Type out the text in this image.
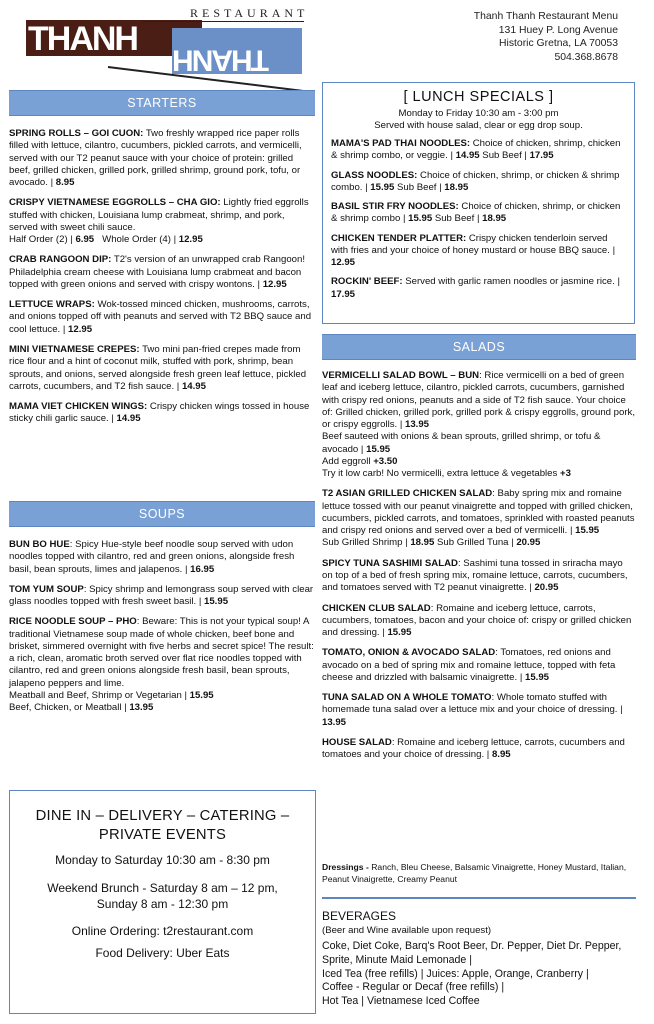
RESTAURANT
THANH
THANH
Thanh Thanh Restaurant Menu
131 Huey P. Long Avenue
Historic Gretna, LA 70053
504.368.8678
STARTERS
SPRING ROLLS – GOI CUON: Two freshly wrapped rice paper rolls filled with lettuce, cilantro, cucumbers, pickled carrots, and vermicelli, served with our T2 peanut sauce with your choice of protein: grilled beef, grilled chicken, grilled pork, grilled shrimp, ground pork, tofu, or avocado. | 8.95
CRISPY VIETNAMESE EGGROLLS – CHA GIO: Lightly fried eggrolls stuffed with chicken, Louisiana lump crabmeat, shrimp, and pork, served with sweet chili sauce.
Half Order (2) | 6.95 Whole Order (4) | 12.95
CRAB RANGOON DIP: T2's version of an unwrapped crab Rangoon! Philadelphia cream cheese with Louisiana lump crabmeat and bacon topped with green onions and served with crispy wontons. | 12.95
LETTUCE WRAPS: Wok-tossed minced chicken, mushrooms, carrots, and onions topped off with peanuts and served with T2 BBQ sauce and cool lettuce. | 12.95
MINI VIETNAMESE CREPES: Two mini pan-fried crepes made from rice flour and a hint of coconut milk, stuffed with pork, shrimp, bean sprouts, and onions, served alongside fresh green leaf lettuce, pickled carrots, cucumbers, and T2 fish sauce. | 14.95
MAMA VIET CHICKEN WINGS: Crispy chicken wings tossed in house sticky chili garlic sauce. | 14.95
SOUPS
BUN BO HUE: Spicy Hue-style beef noodle soup served with udon noodles topped with cilantro, red and green onions, alongside fresh basil, bean sprouts, limes and jalapenos. | 16.95
TOM YUM SOUP: Spicy shrimp and lemongrass soup served with clear glass noodles topped with fresh sweet basil. | 15.95
RICE NOODLE SOUP – PHO: Beware: This is not your typical soup! A traditional Vietnamese soup made of whole chicken, beef bone and brisket, simmered overnight with five herbs and secret spice! The result: a rich, clean, aromatic broth served over flat rice noodles topped with cilantro, red and green onions alongside fresh basil, bean sprouts, jalapeno peppers and lime.
Meatball and Beef, Shrimp or Vegetarian | 15.95
Beef, Chicken, or Meatball | 13.95
DINE IN – DELIVERY – CATERING –
PRIVATE EVENTS
Monday to Saturday 10:30 am - 8:30 pm
Weekend Brunch - Saturday 8 am – 12 pm,
Sunday 8 am - 12:30 pm
Online Ordering: t2restaurant.com
Food Delivery: Uber Eats
[ LUNCH SPECIALS ]
Monday to Friday 10:30 am - 3:00 pm
Served with house salad, clear or egg drop soup.
MAMA'S PAD THAI NOODLES: Choice of chicken, shrimp, chicken & shrimp combo, or veggie. | 14.95 Sub Beef | 17.95
GLASS NOODLES: Choice of chicken, shrimp, or chicken & shrimp combo. | 15.95 Sub Beef | 18.95
BASIL STIR FRY NOODLES: Choice of chicken, shrimp, or chicken & shrimp combo | 15.95 Sub Beef | 18.95
CHICKEN TENDER PLATTER: Crispy chicken tenderloin served with fries and your choice of honey mustard or house BBQ sauce. | 12.95
ROCKIN' BEEF: Served with garlic ramen noodles or jasmine rice. | 17.95
SALADS
VERMICELLI SALAD BOWL – BUN: Rice vermicelli on a bed of green leaf and iceberg lettuce, cilantro, pickled carrots, cucumbers, garnished with crispy red onions, peanuts and a side of T2 fish sauce. Your choice of: Grilled chicken, grilled pork, grilled pork & crispy eggrolls, ground pork, or crispy eggrolls. | 13.95
Beef sauteed with onions & bean sprouts, grilled shrimp, or tofu & avocado | 15.95
Add eggroll +3.50
Try it low carb! No vermicelli, extra lettuce & vegetables +3
T2 ASIAN GRILLED CHICKEN SALAD: Baby spring mix and romaine lettuce tossed with our peanut vinaigrette and topped with grilled chicken, cucumbers, pickled carrots, and tomatoes, sprinkled with roasted peanuts and crispy red onions and served over a bed of vermicelli. | 15.95
Sub Grilled Shrimp | 18.95 Sub Grilled Tuna | 20.95
SPICY TUNA SASHIMI SALAD: Sashimi tuna tossed in sriracha mayo on top of a bed of fresh spring mix, romaine lettuce, carrots, cucumbers, and tomatoes served with T2 peanut vinaigrette. | 20.95
CHICKEN CLUB SALAD: Romaine and iceberg lettuce, carrots, cucumbers, tomatoes, bacon and your choice of: crispy or grilled chicken and dressing. | 15.95
TOMATO, ONION & AVOCADO SALAD: Tomatoes, red onions and avocado on a bed of spring mix and romaine lettuce, topped with feta cheese and drizzled with balsamic vinaigrette. | 15.95
TUNA SALAD ON A WHOLE TOMATO: Whole tomato stuffed with homemade tuna salad over a lettuce mix and your choice of dressing. | 13.95
HOUSE SALAD: Romaine and iceberg lettuce, carrots, cucumbers and tomatoes and your choice of dressing. | 8.95
Dressings - Ranch, Bleu Cheese, Balsamic Vinaigrette, Honey Mustard, Italian, Peanut Vinaigrette, Creamy Peanut
BEVERAGES
(Beer and Wine available upon request)
Coke, Diet Coke, Barq's Root Beer, Dr. Pepper, Diet Dr. Pepper, Sprite, Minute Maid Lemonade |
Iced Tea (free refills) | Juices: Apple, Orange, Cranberry |
Coffee - Regular or Decaf (free refills) |
Hot Tea | Vietnamese Iced Coffee
